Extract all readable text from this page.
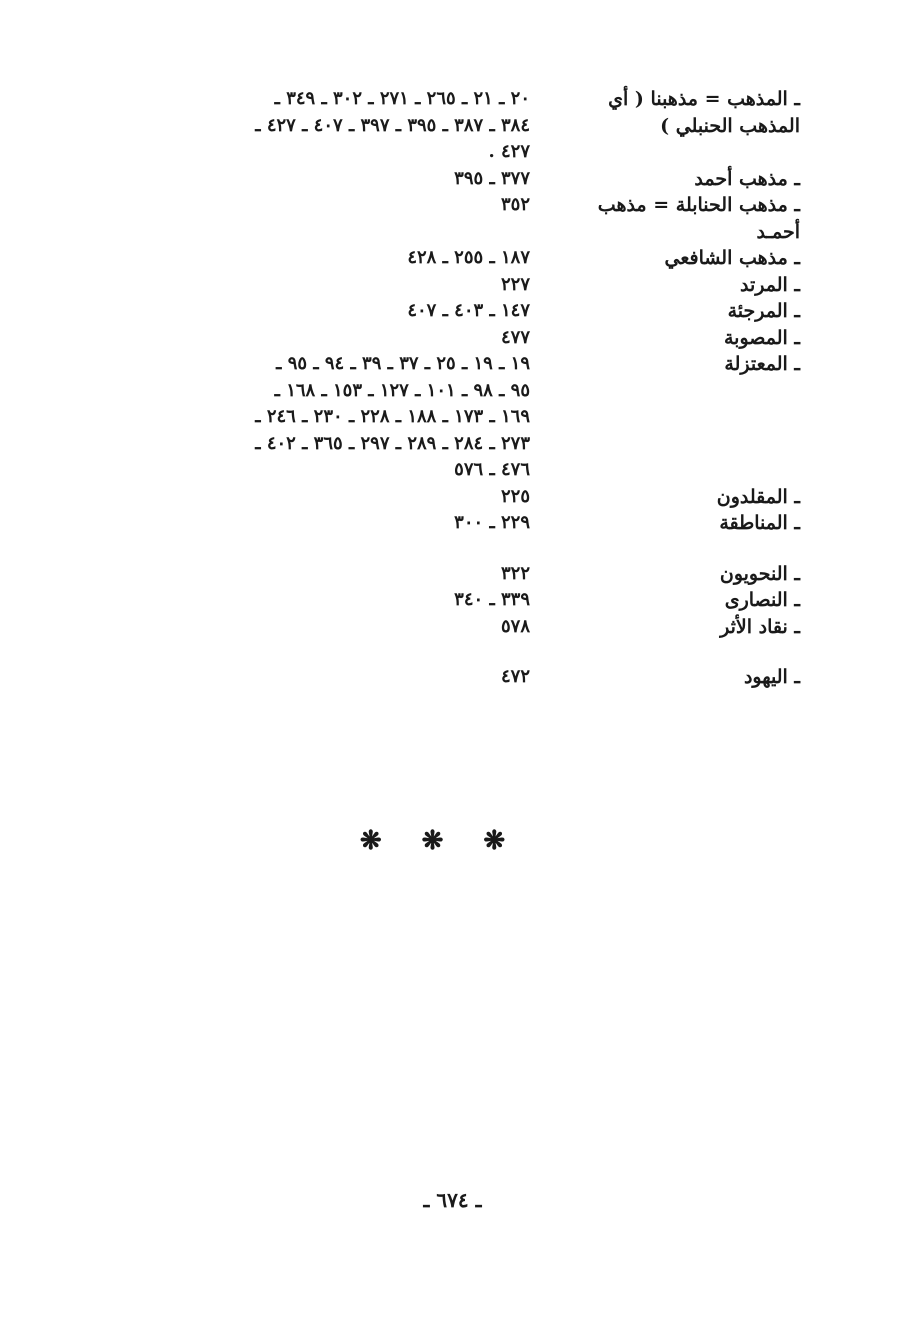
ـ المذهب = مذهبنا ( أي
المذهب الحنبلي )
٢٠ ـ ٢١ ـ ٢٦٥ ـ ٢٧١ ـ ٣٠٢ ـ ٣٤٩ ـ
٣٨٤ ـ ٣٨٧ ـ ٣٩٥ ـ ٣٩٧ ـ ٤٠٧ ـ ٤٢٧ ـ
٤٢٧ .
ـ مذهب أحمد
٣٧٧ ـ ٣٩٥
ـ مذهب الحنابلة = مذهب
أحمـد
٣٥٢
ـ مذهب الشافعي
١٨٧ ـ ٢٥٥ ـ ٤٢٨
ـ المرتد
٢٢٧
ـ المرجئة
١٤٧ ـ ٤٠٣ ـ ٤٠٧
ـ المصوبة
٤٧٧
ـ المعتزلة
١٩ ـ ١٩ ـ ٢٥ ـ ٣٧ ـ ٣٩ ـ ٩٤ ـ ٩٥ ـ
٩٥ ـ ٩٨ ـ ١٠١ ـ ١٢٧ ـ ١٥٣ ـ ١٦٨ ـ
١٦٩ ـ ١٧٣ ـ ١٨٨ ـ ٢٢٨ ـ ٢٣٠ ـ ٢٤٦ ـ
٢٧٣ ـ ٢٨٤ ـ ٢٨٩ ـ ٢٩٧ ـ ٣٦٥ ـ ٤٠٢ ـ
٤٧٦ ـ ٥٧٦
ـ المقلدون
٢٢٥
ـ المناطقة
٢٢٩ ـ ٣٠٠
ـ النحويون
٣٢٢
ـ النصارى
٣٣٩ ـ ٣٤٠
ـ نقاد الأثر
٥٧٨
ـ اليهود
٤٧٢
❋❋❋
ـ ٦٧٤ ـ
